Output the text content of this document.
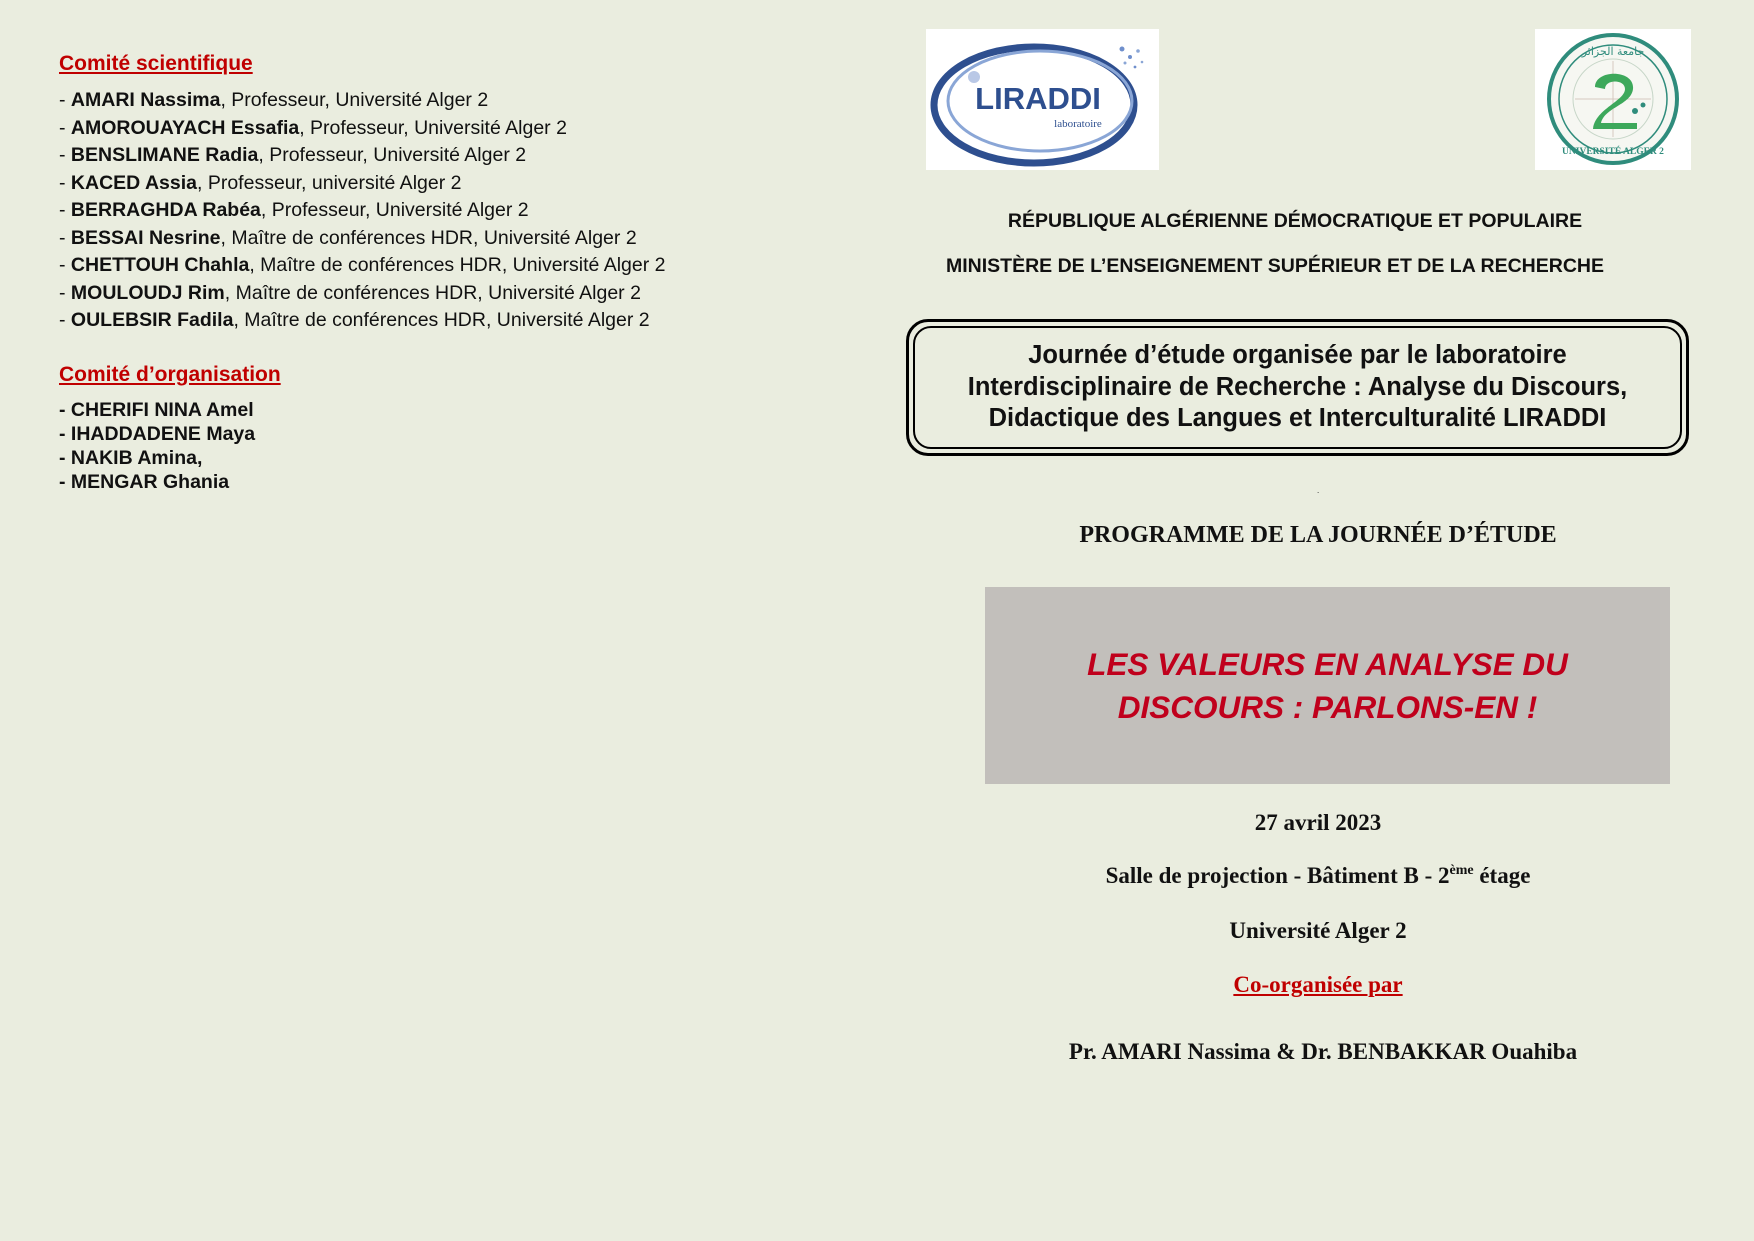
Comité scientifique
- AMARI Nassima, Professeur, Université Alger 2
- AMOROUAYACH Essafia, Professeur, Université Alger 2
- BENSLIMANE Radia, Professeur, Université Alger 2
- KACED Assia, Professeur, université Alger 2
- BERRAGHDA Rabéa, Professeur, Université Alger 2
- BESSAI Nesrine, Maître de conférences HDR, Université Alger 2
- CHETTOUH Chahla, Maître de conférences HDR, Université Alger 2
- MOULOUDJ Rim, Maître de conférences HDR, Université Alger 2
- OULEBSIR Fadila, Maître de conférences HDR, Université Alger 2
Comité d’organisation
- CHERIFI NINA Amel
- IHADDADENE Maya
- NAKIB Amina,
- MENGAR Ghania
LIRADDI
laboratoire
جامعة الجزائر
UNIVERSITÉ ALGER 2
RÉPUBLIQUE ALGÉRIENNE DÉMOCRATIQUE ET POPULAIRE
MINISTÈRE DE L’ENSEIGNEMENT SUPÉRIEUR ET DE LA RECHERCHE
Journée d’étude organisée par le laboratoire
Interdisciplinaire de Recherche : Analyse du Discours,
Didactique des Langues et Interculturalité LIRADDI
.
PROGRAMME DE LA JOURNÉE D’ÉTUDE
LES VALEURS EN ANALYSE DU
DISCOURS : PARLONS-EN !
27 avril 2023
Salle de projection - Bâtiment B - 2ème étage
Université Alger 2
Co-organisée par
Pr. AMARI Nassima & Dr. BENBAKKAR Ouahiba
